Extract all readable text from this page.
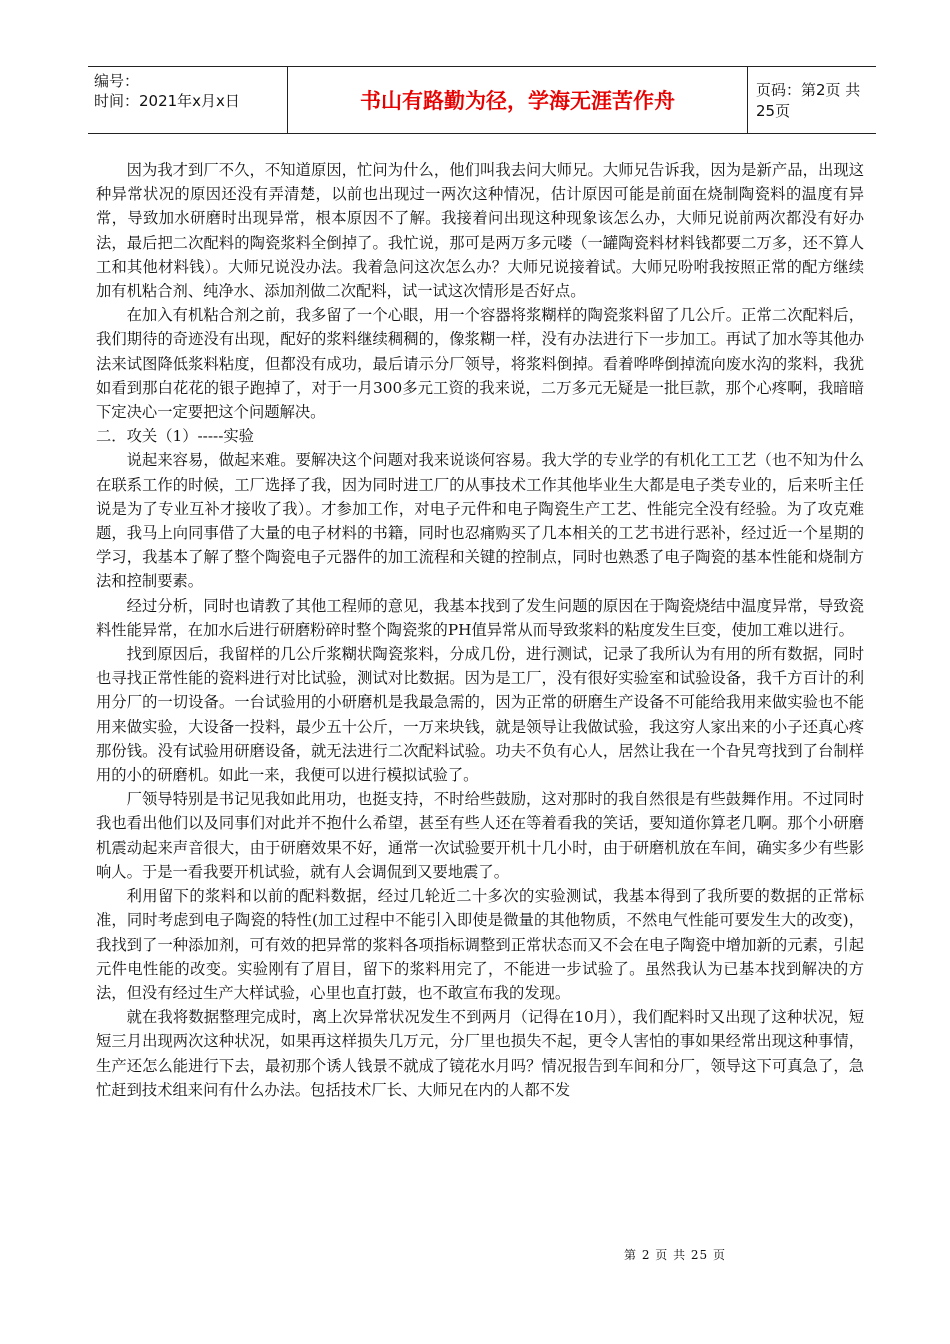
编号：
时间：2021年x月x日	书山有路勤为径，学海无涯苦作舟	页码：第2页 共25页

因为我才到厂不久，不知道原因，忙问为什么，他们叫我去问大师兄。大师兄告诉我，因为是新产品，出现这种异常状况的原因还没有弄清楚，以前也出现过一两次这种情况，估计原因可能是前面在烧制陶瓷料的温度有异常，导致加水研磨时出现异常，根本原因不了解。我接着问出现这种现象该怎么办，大师兄说前两次都没有好办法，最后把二次配料的陶瓷浆料全倒掉了。我忙说，那可是两万多元喽（一罐陶瓷料材料钱都要二万多，还不算人工和其他材料钱）。大师兄说没办法。我着急问这次怎么办？大师兄说接着试。大师兄吩咐我按照正常的配方继续加有机粘合剂、纯净水、添加剂做二次配料，试一试这次情形是否好点。

在加入有机粘合剂之前，我多留了一个心眼，用一个容器将浆糊样的陶瓷浆料留了几公斤。正常二次配料后，我们期待的奇迹没有出现，配好的浆料继续稠稠的，像浆糊一样，没有办法进行下一步加工。再试了加水等其他办法来试图降低浆料粘度，但都没有成功，最后请示分厂领导，将浆料倒掉。看着哗哗倒掉流向废水沟的浆料，我犹如看到那白花花的银子跑掉了，对于一月300多元工资的我来说，二万多元无疑是一批巨款，那个心疼啊，我暗暗下定决心一定要把这个问题解决。

二．攻关（1）-----实验

说起来容易，做起来难。要解决这个问题对我来说谈何容易。我大学的专业学的有机化工工艺（也不知为什么在联系工作的时候，工厂选择了我，因为同时进工厂的从事技术工作其他毕业生大都是电子类专业的，后来听主任说是为了专业互补才接收了我）。才参加工作，对电子元件和电子陶瓷生产工艺、性能完全没有经验。为了攻克难题，我马上向同事借了大量的电子材料的书籍，同时也忍痛购买了几本相关的工艺书进行恶补，经过近一个星期的学习，我基本了解了整个陶瓷电子元器件的加工流程和关键的控制点，同时也熟悉了电子陶瓷的基本性能和烧制方法和控制要素。

经过分析，同时也请教了其他工程师的意见，我基本找到了发生问题的原因在于陶瓷烧结中温度异常，导致瓷料性能异常，在加水后进行研磨粉碎时整个陶瓷浆的PH值异常从而导致浆料的粘度发生巨变，使加工难以进行。

找到原因后，我留样的几公斤浆糊状陶瓷浆料，分成几份，进行测试，记录了我所认为有用的所有数据，同时也寻找正常性能的瓷料进行对比试验，测试对比数据。因为是工厂，没有很好实验室和试验设备，我千方百计的利用分厂的一切设备。一台试验用的小研磨机是我最急需的，因为正常的研磨生产设备不可能给我用来做实验也不能用来做实验，大设备一投料，最少五十公斤，一万来块钱，就是领导让我做试验，我这穷人家出来的小子还真心疼那份钱。没有试验用研磨设备，就无法进行二次配料试验。功夫不负有心人，居然让我在一个旮旯弯找到了台制样用的小的研磨机。如此一来，我便可以进行模拟试验了。

厂领导特别是书记见我如此用功，也挺支持，不时给些鼓励，这对那时的我自然很是有些鼓舞作用。不过同时我也看出他们以及同事们对此并不抱什么希望，甚至有些人还在等着看我的笑话，要知道你算老几啊。那个小研磨机震动起来声音很大，由于研磨效果不好，通常一次试验要开机十几小时，由于研磨机放在车间，确实多少有些影响人。于是一看我要开机试验，就有人会调侃到又要地震了。

利用留下的浆料和以前的配料数据，经过几轮近二十多次的实验测试，我基本得到了我所要的数据的正常标准，同时考虑到电子陶瓷的特性(加工过程中不能引入即使是微量的其他物质，不然电气性能可要发生大的改变)，我找到了一种添加剂，可有效的把异常的浆料各项指标调整到正常状态而又不会在电子陶瓷中增加新的元素，引起元件电性能的改变。实验刚有了眉目，留下的浆料用完了，不能进一步试验了。虽然我认为已基本找到解决的方法，但没有经过生产大样试验，心里也直打鼓，也不敢宣布我的发现。

就在我将数据整理完成时，离上次异常状况发生不到两月（记得在10月），我们配料时又出现了这种状况，短短三月出现两次这种状况，如果再这样损失几万元，分厂里也损失不起，更令人害怕的事如果经常出现这种事情，生产还怎么能进行下去，最初那个诱人钱景不就成了镜花水月吗？情况报告到车间和分厂，领导这下可真急了，急忙赶到技术组来问有什么办法。包括技术厂长、大师兄在内的人都不发

第 2 页 共 25 页
